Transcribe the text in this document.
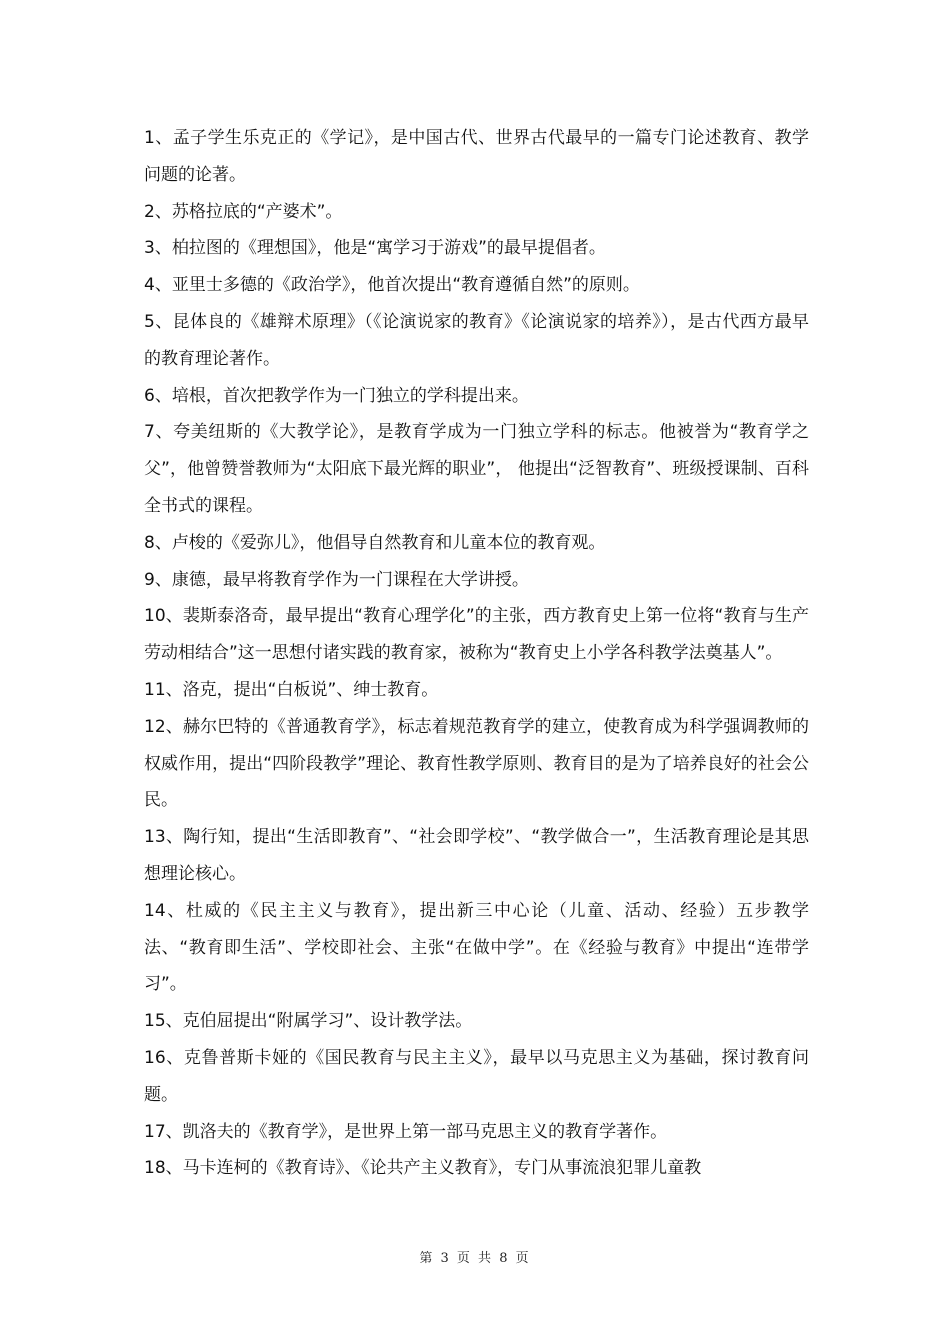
1、孟子学生乐克正的《学记》，是中国古代、世界古代最早的一篇专门论述教育、教学问题的论著。

2、苏格拉底的“产婆术”。

3、柏拉图的《理想国》，他是“寓学习于游戏”的最早提倡者。

4、亚里士多德的《政治学》，他首次提出“教育遵循自然”的原则。

5、昆体良的《雄辩术原理》（《论演说家的教育》《论演说家的培养》），是古代西方最早的教育理论著作。

6、培根，首次把教学作为一门独立的学科提出来。

7、夸美纽斯的《大教学论》，是教育学成为一门独立学科的标志。他被誉为“教育学之父”，他曾赞誉教师为“太阳底下最光辉的职业”， 他提出“泛智教育”、班级授课制、百科全书式的课程。

8、卢梭的《爱弥儿》，他倡导自然教育和儿童本位的教育观。

9、康德，最早将教育学作为一门课程在大学讲授。

10、裴斯泰洛奇，最早提出“教育心理学化”的主张，西方教育史上第一位将“教育与生产劳动相结合”这一思想付诸实践的教育家，被称为“教育史上小学各科教学法奠基人”。

11、洛克，提出“白板说”、绅士教育。

12、赫尔巴特的《普通教育学》，标志着规范教育学的建立，使教育成为科学强调教师的权威作用，提出“四阶段教学”理论、教育性教学原则、教育目的是为了培养良好的社会公民。

13、陶行知，提出“生活即教育”、“社会即学校”、“教学做合一”，生活教育理论是其思想理论核心。

14、杜威的《民主主义与教育》，提出新三中心论（儿童、活动、经验）五步教学法、“教育即生活”、学校即社会、主张“在做中学”。在《经验与教育》中提出“连带学习”。

15、克伯屈提出“附属学习”、设计教学法。

16、克鲁普斯卡娅的《国民教育与民主主义》，最早以马克思主义为基础，探讨教育问题。

17、凯洛夫的《教育学》，是世界上第一部马克思主义的教育学著作。

18、马卡连柯的《教育诗》、《论共产主义教育》，专门从事流浪犯罪儿童教

第 3 页 共 8 页
